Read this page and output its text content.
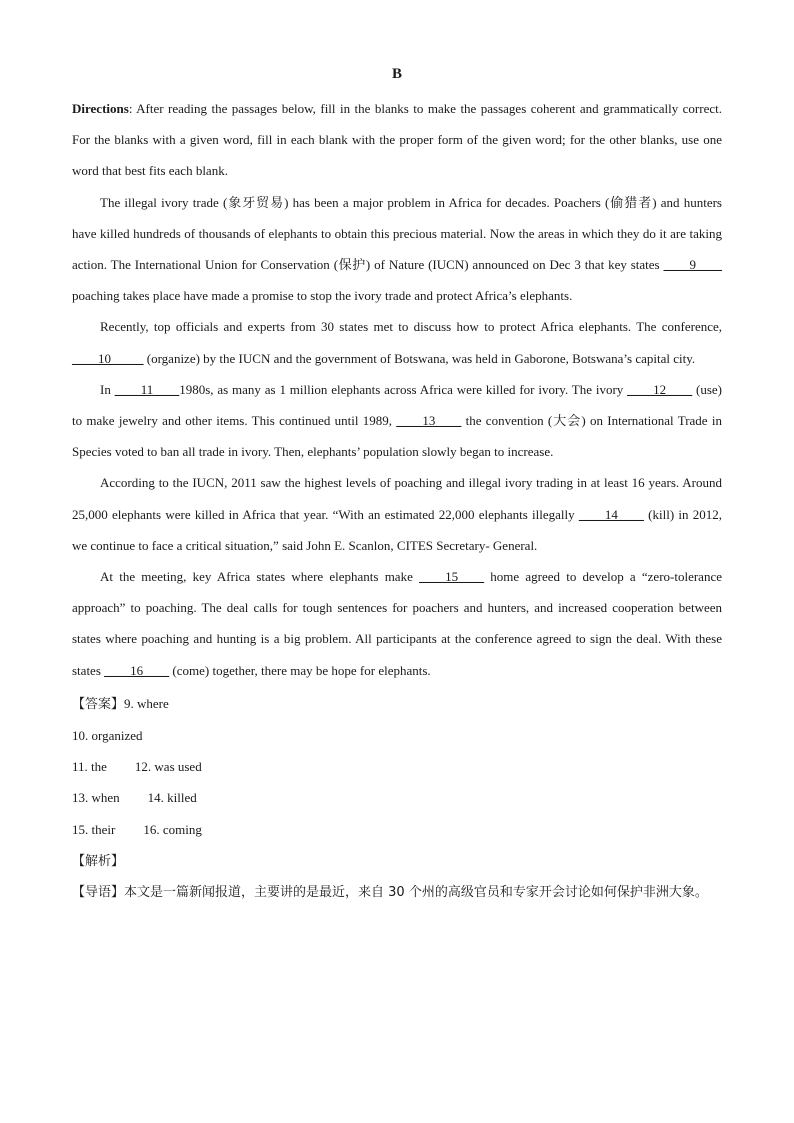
B

Directions: After reading the passages below, fill in the blanks to make the passages coherent and grammatically correct. For the blanks with a given word, fill in each blank with the proper form of the given word; for the other blanks, use one word that best fits each blank.

The illegal ivory trade (象牙贸易) has been a major problem in Africa for decades. Poachers (偷猎者) and hunters have killed hundreds of thousands of elephants to obtain this precious material. Now the areas in which they do it are taking action. The International Union for Conservation (保护) of Nature (IUCN) announced on Dec 3 that key states ____9____ poaching takes place have made a promise to stop the ivory trade and protect Africa’s elephants.

Recently, top officials and experts from 30 states met to discuss how to protect Africa elephants. The conference, ____10_____ (organize) by the IUCN and the government of Botswana, was held in Gaborone, Botswana’s capital city.

In ____11____1980s, as many as 1 million elephants across Africa were killed for ivory. The ivory ____12____ (use) to make jewelry and other items. This continued until 1989, ____13____ the convention (大会) on International Trade in Species voted to ban all trade in ivory. Then, elephants’ population slowly began to increase.

According to the IUCN, 2011 saw the highest levels of poaching and illegal ivory trading in at least 16 years. Around 25,000 elephants were killed in Africa that year. “With an estimated 22,000 elephants illegally ____14____ (kill) in 2012, we continue to face a critical situation,” said John E. Scanlon, CITES Secretary- General.

At the meeting, key Africa states where elephants make ____15____ home agreed to develop a “zero-tolerance approach” to poaching. The deal calls for tough sentences for poachers and hunters, and increased cooperation between states where poaching and hunting is a big problem. All participants at the conference agreed to sign the deal. With these states ____16____ (come) together, there may be hope for elephants.

【答案】9. where

10. organized

11. the 12. was used

13. when 14. killed

15. their 16. coming

【解析】

【导语】本文是一篇新闻报道，主要讲的是最近，来自 30 个州的高级官员和专家开会讨论如何保护非洲大象。
